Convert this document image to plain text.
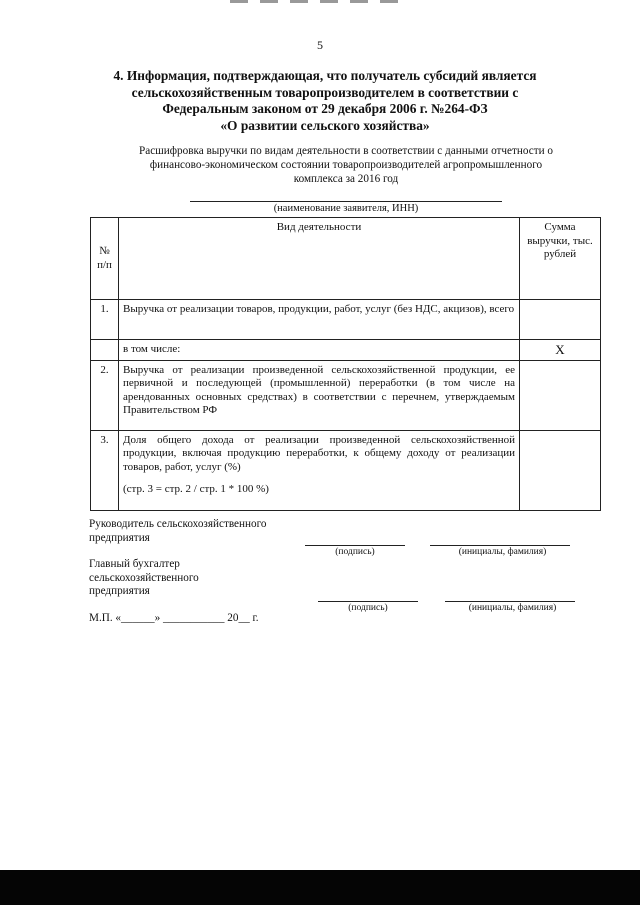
5
4. Информация, подтверждающая, что получатель субсидий является
сельскохозяйственным товаропроизводителем в соответствии с
Федеральным законом от 29 декабря 2006 г. №264-ФЗ
«О развитии сельского хозяйства»
Расшифровка выручки по видам деятельности в соответствии с данными отчетности о
финансово-экономическом состоянии товаропроизводителей агропромышленного
комплекса за 2016 год
(наименование заявителя, ИНН)
№ п/п	Вид деятельности	Сумма выручки, тыс. рублей
1.	Выручка от реализации товаров, продукции, работ, услуг (без НДС, акцизов), всего	
	в том числе:	X
2.	Выручка от реализации произведенной сельскохозяйственной продукции, ее первичной и последующей (промышленной) переработки (в том числе на арендованных основных средствах) в соответствии с перечнем, утверждаемым Правительством РФ	
3.	Доля общего дохода от реализации произведенной сельскохозяйственной продукции, включая продукцию переработки, к общему доходу от реализации товаров, работ, услуг (%)
(стр. 3 = стр. 2 / стр. 1 * 100 %)	

Руководитель сельскохозяйственного
предприятия
(подпись)	(инициалы, фамилия)
Главный бухгалтер
сельскохозяйственного
предприятия
(подпись)	(инициалы, фамилия)
М.П. «______» ___________ 20__ г.
